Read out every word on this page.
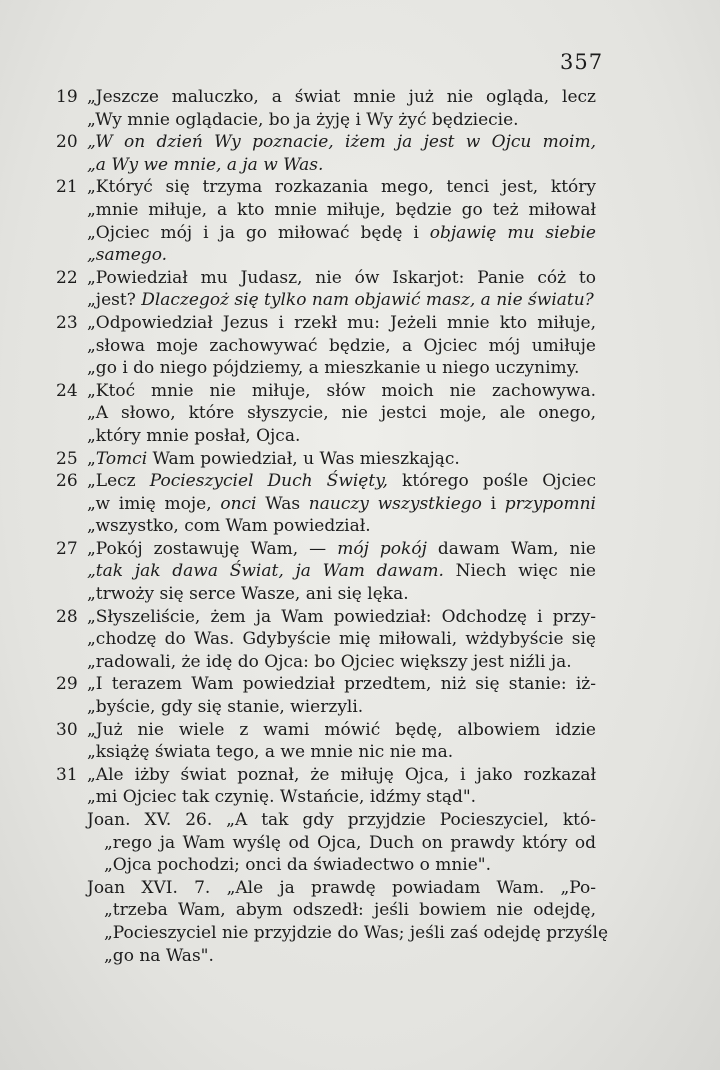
357
19 „Jeszcze maluczko, a świat mnie już nie ogląda, lecz
„Wy mnie oglądacie, bo ja żyję i Wy żyć będziecie.
20 „W on dzień Wy poznacie, iżem ja jest w Ojcu moim,
„a Wy we mnie, a ja w Was.
21 „Któryć się trzyma rozkazania mego, tenci jest, który
„mnie miłuje, a kto mnie miłuje, będzie go też miłował
„Ojciec mój i ja go miłować będę i objawię mu siebie
„samego.
22 „Powiedział mu Judasz, nie ów Iskarjot: Panie cóż to
„jest? Dlaczegoż się tylko nam objawić masz, a nie światu?
23 „Odpowiedział Jezus i rzekł mu: Jeżeli mnie kto miłuje,
„słowa moje zachowywać będzie, a Ojciec mój umiłuje
„go i do niego pójdziemy, a mieszkanie u niego uczynimy.
24 „Ktoć mnie nie miłuje, słów moich nie zachowywa.
„A słowo, które słyszycie, nie jestci moje, ale onego,
„który mnie posłał, Ojca.
25 „Tomci Wam powiedział, u Was mieszkając.
26 „Lecz Pocieszyciel Duch Święty, którego pośle Ojciec
„w imię moje, onci Was nauczy wszystkiego i przypomni
„wszystko, com Wam powiedział.
27 „Pokój zostawuję Wam, — mój pokój dawam Wam, nie
„tak jak dawa Świat, ja Wam dawam. Niech więc nie
„trwoży się serce Wasze, ani się lęka.
28 „Słyszeliście, żem ja Wam powiedział: Odchodzę i przy-
„chodzę do Was. Gdybyście mię miłowali, wżdybyście się
„radowali, że idę do Ojca: bo Ojciec większy jest niźli ja.
29 „I terazem Wam powiedział przedtem, niż się stanie: iż-
„byście, gdy się stanie, wierzyli.
30 „Już nie wiele z wami mówić będę, albowiem idzie
„książę świata tego, a we mnie nic nie ma.
31 „Ale iżby świat poznał, że miłuję Ojca, i jako rozkazał
„mi Ojciec tak czynię. Wstańcie, idźmy stąd".
Joan. XV. 26. „A tak gdy przyjdzie Pocieszyciel, któ-
„rego ja Wam wyślę od Ojca, Duch on prawdy który od
„Ojca pochodzi; onci da świadectwo o mnie".
Joan XVI. 7. „Ale ja prawdę powiadam Wam. „Po-
„trzeba Wam, abym odszedł: jeśli bowiem nie odejdę,
„Pocieszyciel nie przyjdzie do Was; jeśli zaś odejdę przyślę
„go na Was".
